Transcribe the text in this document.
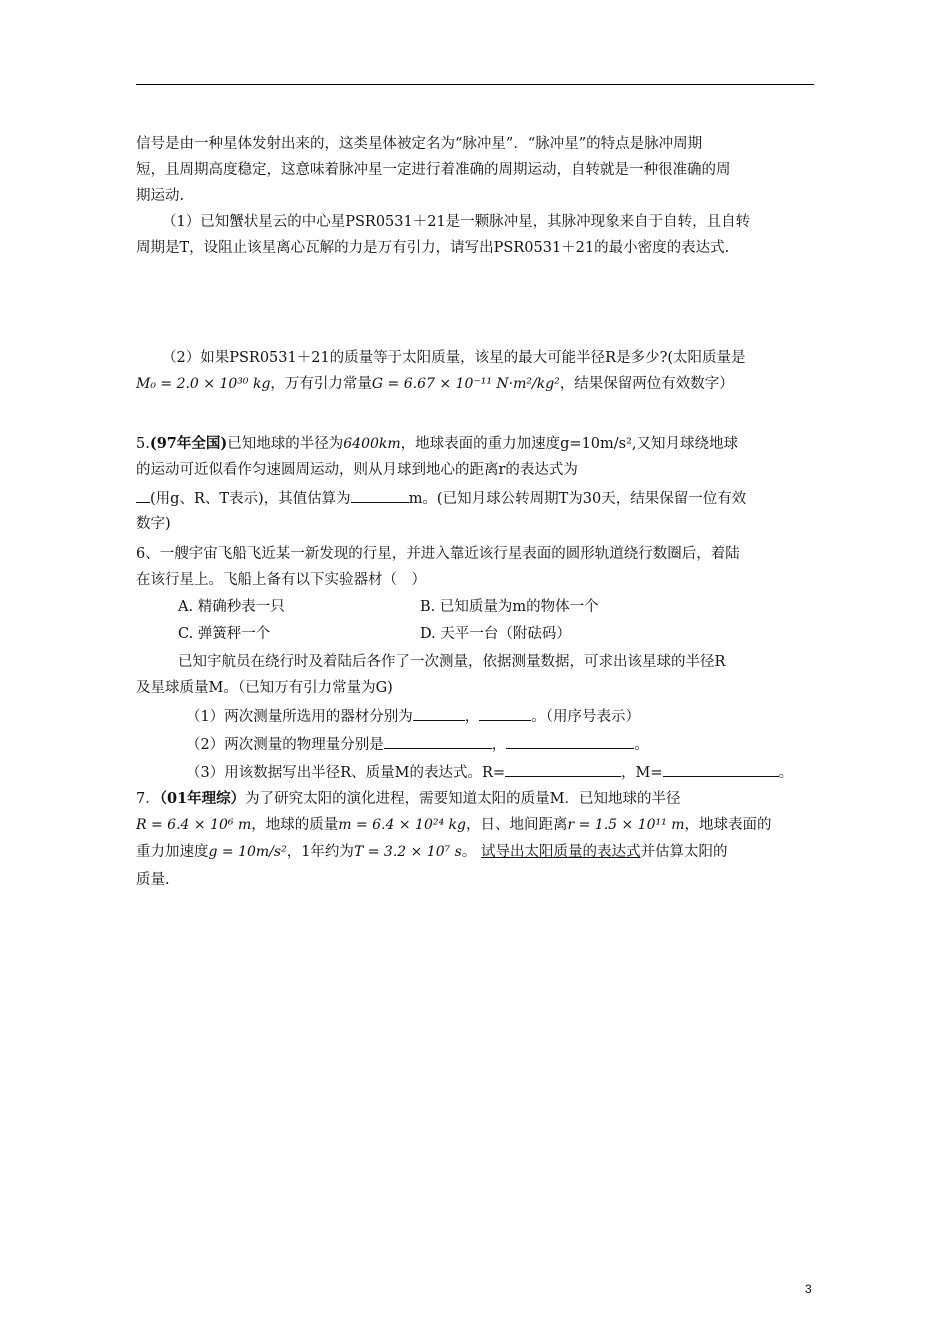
信号是由一种星体发射出来的，这类星体被定名为“脉冲星”．“脉冲星”的特点是脉冲周期
短，且周期高度稳定，这意味着脉冲星一定进行着准确的周期运动，自转就是一种很准确的周
期运动.
（1）已知蟹状星云的中心星PSR0531＋21是一颗脉冲星，其脉冲现象来自于自转，且自转
周期是T，设阻止该星离心瓦解的力是万有引力，请写出PSR0531＋21的最小密度的表达式.
（2）如果PSR0531＋21的质量等于太阳质量，该星的最大可能半径R是多少?(太阳质量是
M₀ = 2.0 × 10³⁰ kg，万有引力常量G = 6.67 × 10⁻¹¹ N·m²/kg²，结果保留两位有效数字）
5.(97年全国)已知地球的半径为6400km，地球表面的重力加速度g=10m/s²,又知月球绕地球
的运动可近似看作匀速圆周运动，则从月球到地心的距离r的表达式为
(用g、R、T表示)，其值估算为	m。(已知月球公转周期T为30天，结果保留一位有效
数字)
6、一艘宇宙飞船飞近某一新发现的行星，并进入靠近该行星表面的圆形轨道绕行数圈后，着陆
在该行星上。飞船上备有以下实验器材（　）
A. 精确秒表一只	B. 已知质量为m的物体一个
C. 弹簧秤一个	D. 天平一台（附砝码）
已知宇航员在绕行时及着陆后各作了一次测量，依据测量数据，可求出该星球的半径R
及星球质量M。（已知万有引力常量为G)
（1）两次测量所选用的器材分别为	，	。（用序号表示）
（2）两次测量的物理量分别是	，	。
（3）用该数据写出半径R、质量M的表达式。R=	，M=	。
7．（01年理综）为了研究太阳的演化进程，需要知道太阳的质量M．已知地球的半径
R = 6.4 × 10⁶ m，地球的质量m = 6.4 × 10²⁴ kg，日、地间距离r = 1.5 × 10¹¹ m，地球表面的
重力加速度g = 10m/s²，1年约为T = 3.2 × 10⁷ s。 试导出太阳质量的表达式并估算太阳的
质量.
3
